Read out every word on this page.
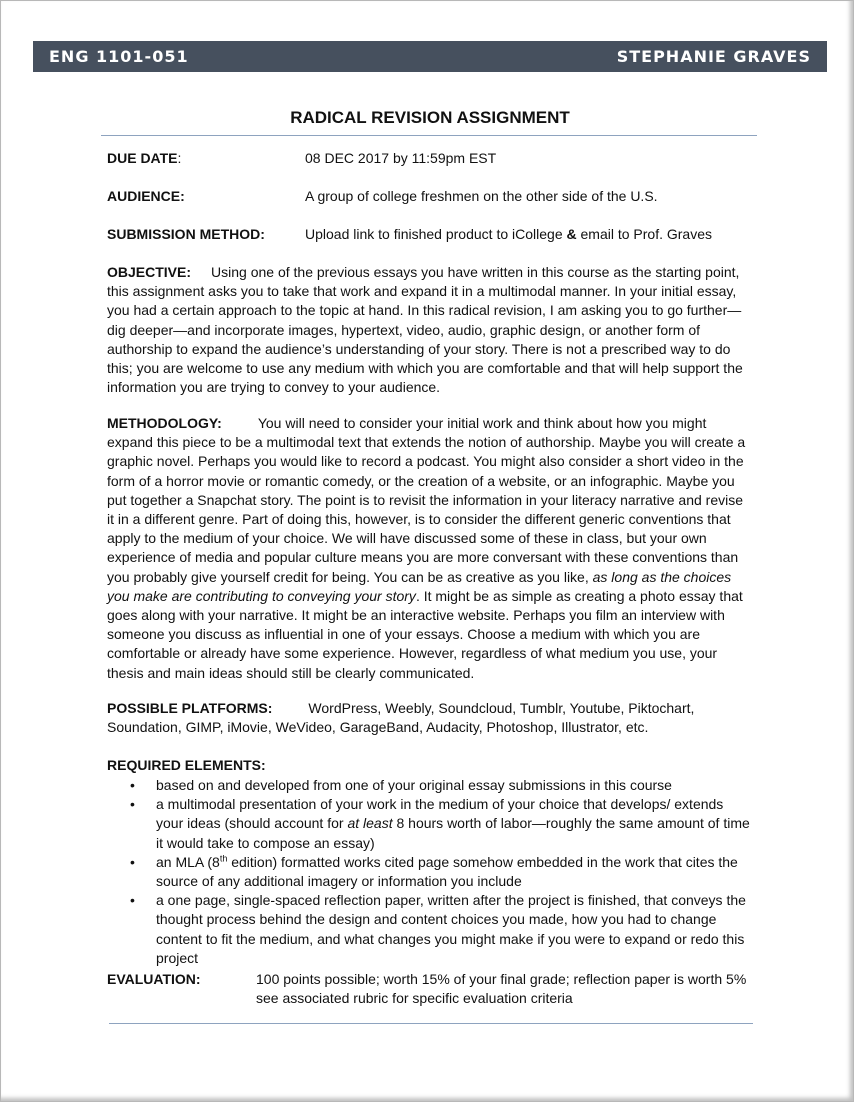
ENG 1101-051	STEPHANIE GRAVES
RADICAL REVISION ASSIGNMENT
DUE DATE:	08 DEC 2017 by 11:59pm EST
AUDIENCE:	A group of college freshmen on the other side of the U.S.
SUBMISSION METHOD:	Upload link to finished product to iCollege & email to Prof. Graves
OBJECTIVE: Using one of the previous essays you have written in this course as the starting point, this assignment asks you to take that work and expand it in a multimodal manner. In your initial essay, you had a certain approach to the topic at hand. In this radical revision, I am asking you to go further—dig deeper—and incorporate images, hypertext, video, audio, graphic design, or another form of authorship to expand the audience’s understanding of your story. There is not a prescribed way to do this; you are welcome to use any medium with which you are comfortable and that will help support the information you are trying to convey to your audience.
METHODOLOGY:	You will need to consider your initial work and think about how you might expand this piece to be a multimodal text that extends the notion of authorship. Maybe you will create a graphic novel. Perhaps you would like to record a podcast. You might also consider a short video in the form of a horror movie or romantic comedy, or the creation of a website, or an infographic. Maybe you put together a Snapchat story. The point is to revisit the information in your literacy narrative and revise it in a different genre. Part of doing this, however, is to consider the different generic conventions that apply to the medium of your choice. We will have discussed some of these in class, but your own experience of media and popular culture means you are more conversant with these conventions than you probably give yourself credit for being. You can be as creative as you like, as long as the choices you make are contributing to conveying your story. It might be as simple as creating a photo essay that goes along with your narrative. It might be an interactive website. Perhaps you film an interview with someone you discuss as influential in one of your essays. Choose a medium with which you are comfortable or already have some experience. However, regardless of what medium you use, your thesis and main ideas should still be clearly communicated.
POSSIBLE PLATFORMS:	WordPress, Weebly, Soundcloud, Tumblr, Youtube, Piktochart, Soundation, GIMP, iMovie, WeVideo, GarageBand, Audacity, Photoshop, Illustrator, etc.
REQUIRED ELEMENTS:
• based on and developed from one of your original essay submissions in this course
• a multimodal presentation of your work in the medium of your choice that develops/ extends your ideas (should account for at least 8 hours worth of labor—roughly the same amount of time it would take to compose an essay)
• an MLA (8th edition) formatted works cited page somehow embedded in the work that cites the source of any additional imagery or information you include
• a one page, single-spaced reflection paper, written after the project is finished, that conveys the thought process behind the design and content choices you made, how you had to change content to fit the medium, and what changes you might make if you were to expand or redo this project
EVALUATION:	100 points possible; worth 15% of your final grade; reflection paper is worth 5%
see associated rubric for specific evaluation criteria
